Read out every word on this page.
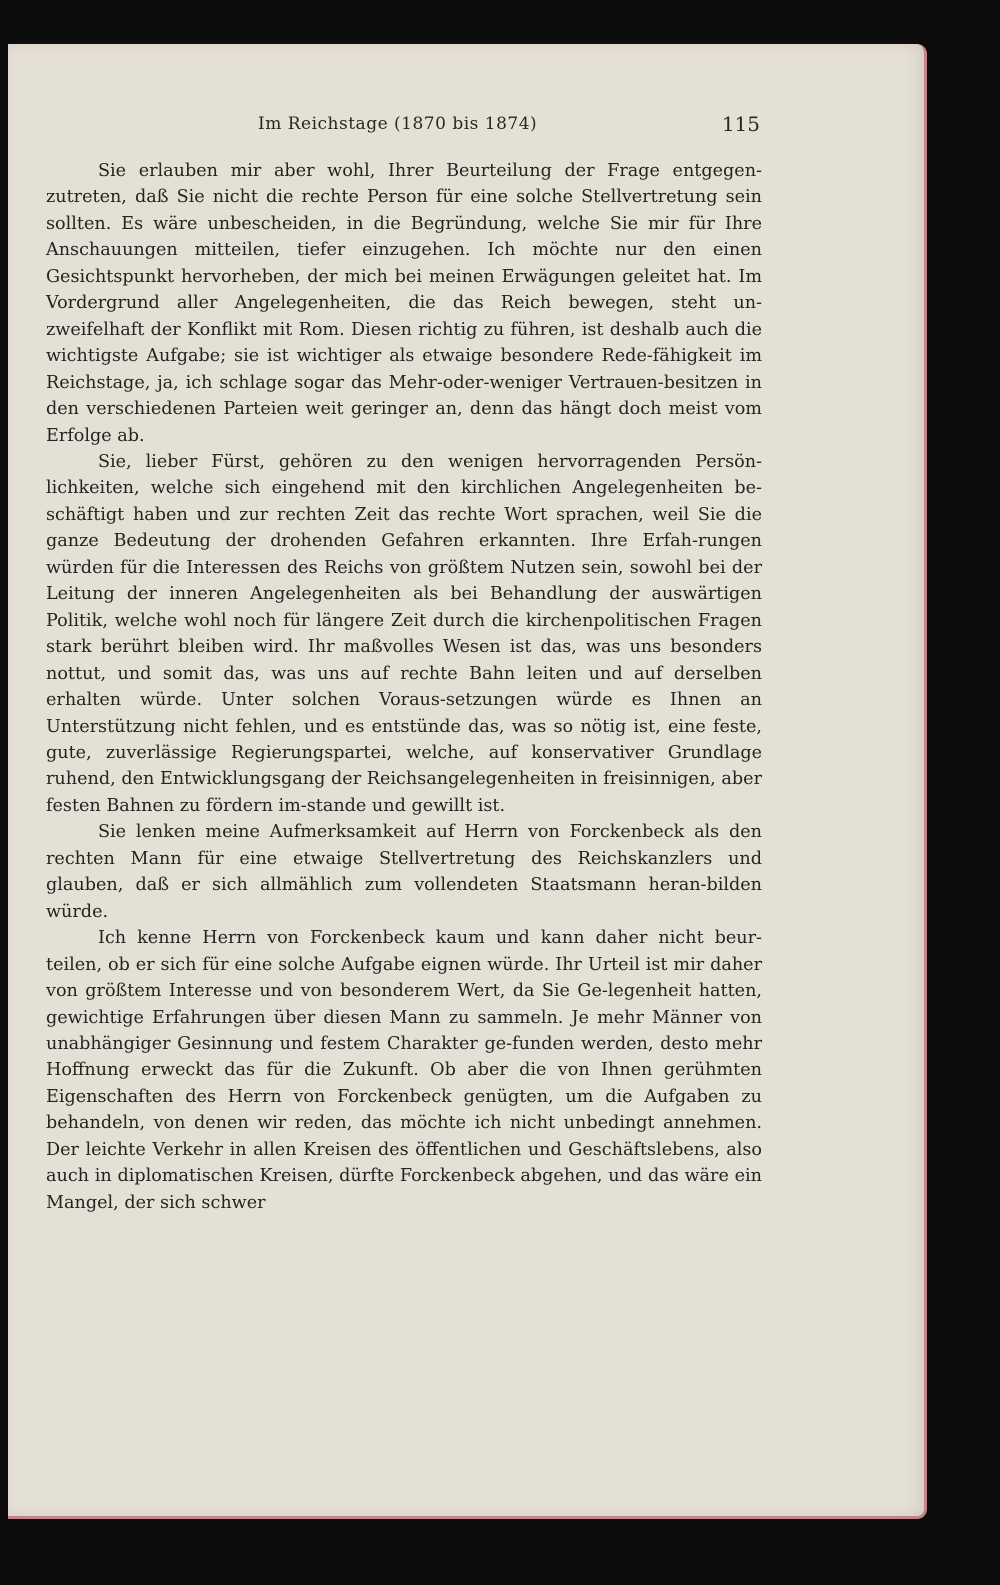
Im Reichstage (1870 bis 1874)	115

Sie erlauben mir aber wohl, Ihrer Beurteilung der Frage entgegen-zutreten, daß Sie nicht die rechte Person für eine solche Stellvertretung sein sollten. Es wäre unbescheiden, in die Begründung, welche Sie mir für Ihre Anschauungen mitteilen, tiefer einzugehen. Ich möchte nur den einen Gesichtspunkt hervorheben, der mich bei meinen Erwägungen geleitet hat. Im Vordergrund aller Angelegenheiten, die das Reich bewegen, steht un-zweifelhaft der Konflikt mit Rom. Diesen richtig zu führen, ist deshalb auch die wichtigste Aufgabe; sie ist wichtiger als etwaige besondere Rede-fähigkeit im Reichstage, ja, ich schlage sogar das Mehr-oder-weniger Vertrauen-besitzen in den verschiedenen Parteien weit geringer an, denn das hängt doch meist vom Erfolge ab.

Sie, lieber Fürst, gehören zu den wenigen hervorragenden Persön-lichkeiten, welche sich eingehend mit den kirchlichen Angelegenheiten be-schäftigt haben und zur rechten Zeit das rechte Wort sprachen, weil Sie die ganze Bedeutung der drohenden Gefahren erkannten. Ihre Erfah-rungen würden für die Interessen des Reichs von größtem Nutzen sein, sowohl bei der Leitung der inneren Angelegenheiten als bei Behandlung der auswärtigen Politik, welche wohl noch für längere Zeit durch die kirchenpolitischen Fragen stark berührt bleiben wird. Ihr maßvolles Wesen ist das, was uns besonders nottut, und somit das, was uns auf rechte Bahn leiten und auf derselben erhalten würde. Unter solchen Voraus-setzungen würde es Ihnen an Unterstützung nicht fehlen, und es entstünde das, was so nötig ist, eine feste, gute, zuverlässige Regierungspartei, welche, auf konservativer Grundlage ruhend, den Entwicklungsgang der Reichsangelegenheiten in freisinnigen, aber festen Bahnen zu fördern im-stande und gewillt ist.

Sie lenken meine Aufmerksamkeit auf Herrn von Forckenbeck als den rechten Mann für eine etwaige Stellvertretung des Reichskanzlers und glauben, daß er sich allmählich zum vollendeten Staatsmann heran-bilden würde.

Ich kenne Herrn von Forckenbeck kaum und kann daher nicht beur-teilen, ob er sich für eine solche Aufgabe eignen würde. Ihr Urteil ist mir daher von größtem Interesse und von besonderem Wert, da Sie Ge-legenheit hatten, gewichtige Erfahrungen über diesen Mann zu sammeln. Je mehr Männer von unabhängiger Gesinnung und festem Charakter ge-funden werden, desto mehr Hoffnung erweckt das für die Zukunft. Ob aber die von Ihnen gerühmten Eigenschaften des Herrn von Forckenbeck genügten, um die Aufgaben zu behandeln, von denen wir reden, das möchte ich nicht unbedingt annehmen. Der leichte Verkehr in allen Kreisen des öffentlichen und Geschäftslebens, also auch in diplomatischen Kreisen, dürfte Forckenbeck abgehen, und das wäre ein Mangel, der sich schwer
